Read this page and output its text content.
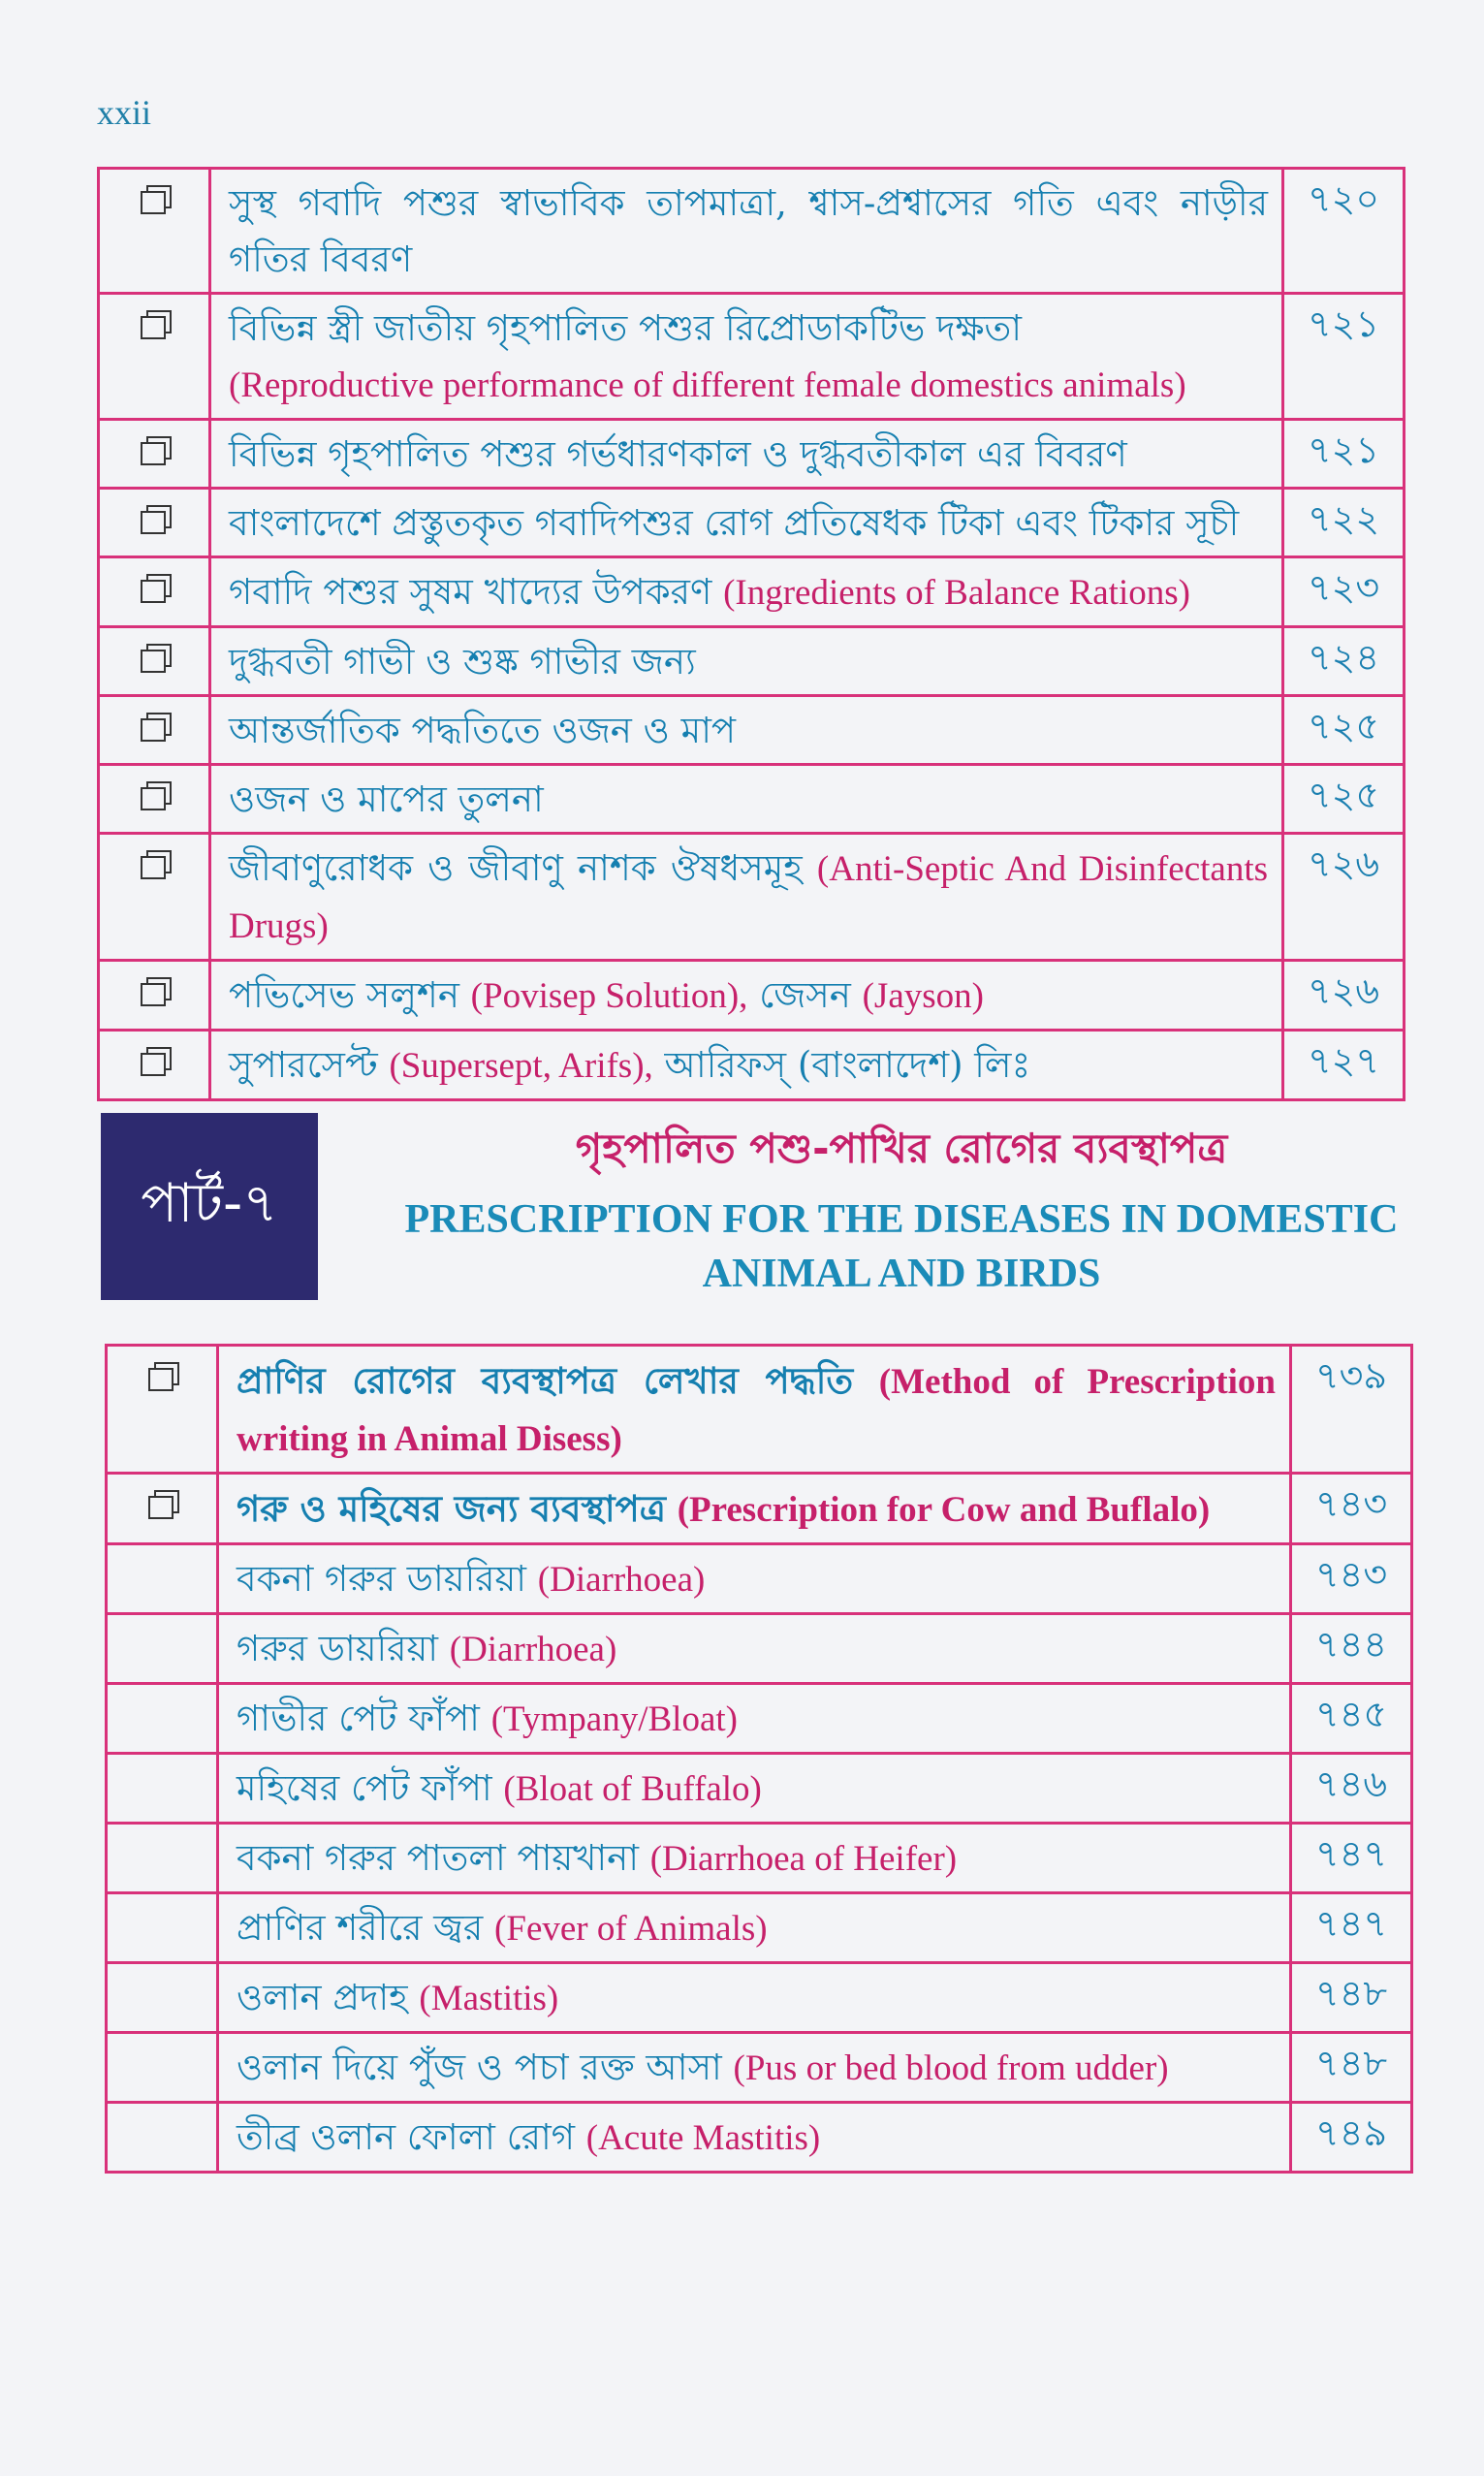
xxii
	সুস্থ গবাদি পশুর স্বাভাবিক তাপমাত্রা, শ্বাস-প্রশ্বাসের গতি এবং নাড়ীর গতির বিবরণ	৭২০

	বিভিন্ন স্ত্রী জাতীয় গৃহপালিত পশুর রিপ্রোডাকটিভ দক্ষতা
(Reproductive performance of different female domestics animals)	৭২১

	বিভিন্ন গৃহপালিত পশুর গর্ভধারণকাল ও দুগ্ধবতীকাল এর বিবরণ	৭২১

	বাংলাদেশে প্রস্তুতকৃত গবাদিপশুর রোগ প্রতিষেধক টিকা এবং টিকার সূচী	৭২২

	গবাদি পশুর সুষম খাদ্যের উপকরণ (Ingredients of Balance Rations)	৭২৩

	দুগ্ধবতী গাভী ও শুষ্ক গাভীর জন্য	৭২৪

	আন্তর্জাতিক পদ্ধতিতে ওজন ও মাপ	৭২৫

	ওজন ও মাপের তুলনা	৭২৫

	জীবাণুরোধক ও জীবাণু নাশক ঔষধসমূহ (Anti-Septic And Disinfectants Drugs)	৭২৬

	পভিসেভ সলুশন (Povisep Solution), জেসন (Jayson)	৭২৬

	সুপারসেপ্ট (Supersept, Arifs), আরিফস্ (বাংলাদেশ) লিঃ	৭২৭
পার্ট-৭
গৃহপালিত পশু-পাখির রোগের ব্যবস্থাপত্র
PRESCRIPTION FOR THE DISEASES IN DOMESTIC ANIMAL AND BIRDS
	প্রাণির রোগের ব্যবস্থাপত্র লেখার পদ্ধতি (Method of Prescription writing in Animal Disess)	৭৩৯

	গরু ও মহিষের জন্য ব্যবস্থাপত্র (Prescription for Cow and Buflalo)	৭৪৩
	বকনা গরুর ডায়রিয়া (Diarrhoea)	৭৪৩
	গরুর ডায়রিয়া (Diarrhoea)	৭৪৪
	গাভীর পেট ফাঁপা (Tympany/Bloat)	৭৪৫
	মহিষের পেট ফাঁপা (Bloat of Buffalo)	৭৪৬
	বকনা গরুর পাতলা পায়খানা (Diarrhoea of Heifer)	৭৪৭
	প্রাণির শরীরে জ্বর (Fever of Animals)	৭৪৭
	ওলান প্রদাহ (Mastitis)	৭৪৮
	ওলান দিয়ে পুঁজ ও পচা রক্ত আসা (Pus or bed blood from udder)	৭৪৮
	তীব্র ওলান ফোলা রোগ (Acute Mastitis)	৭৪৯
